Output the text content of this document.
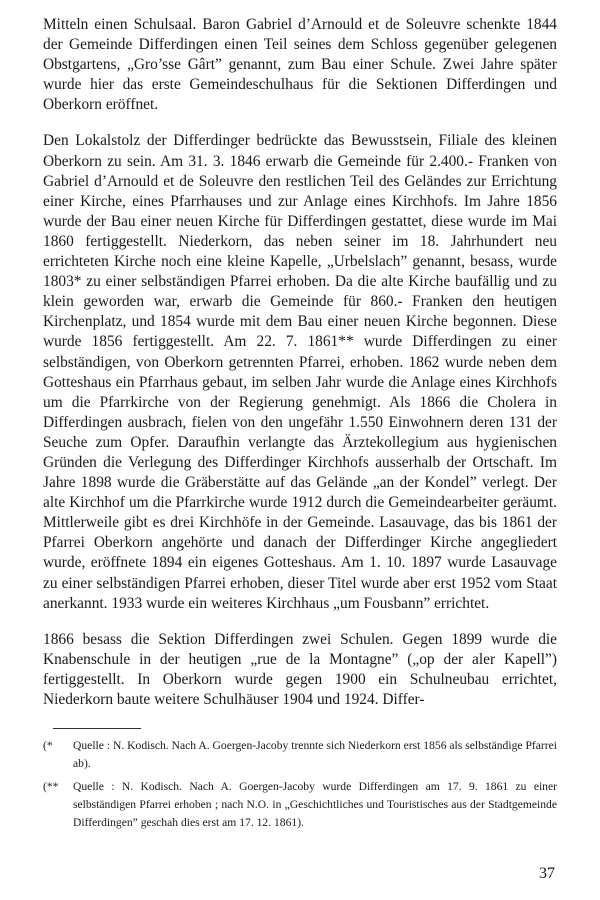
Mitteln einen Schulsaal. Baron Gabriel d’Arnould et de Soleuvre schenkte 1844 der Gemeinde Differdingen einen Teil seines dem Schloss gegenüber gelegenen Obstgartens, „Gro’sse Gârt” genannt, zum Bau einer Schule. Zwei Jahre später wurde hier das erste Gemeindeschulhaus für die Sektionen Differdingen und Oberkorn eröffnet.

Den Lokalstolz der Differdinger bedrückte das Bewusstsein, Filiale des kleinen Oberkorn zu sein. Am 31. 3. 1846 erwarb die Gemeinde für 2.400.- Franken von Gabriel d’Arnould et de Soleuvre den restlichen Teil des Geländes zur Errichtung einer Kirche, eines Pfarrhauses und zur Anlage eines Kirchhofs. Im Jahre 1856 wurde der Bau einer neuen Kirche für Differdingen gestattet, diese wurde im Mai 1860 fertiggestellt. Niederkorn, das neben seiner im 18. Jahrhundert neu errichteten Kirche noch eine kleine Kapelle, „Urbelslach” genannt, besass, wurde 1803* zu einer selbständigen Pfarrei erhoben. Da die alte Kirche baufällig und zu klein geworden war, erwarb die Gemeinde für 860.- Franken den heutigen Kirchenplatz, und 1854 wurde mit dem Bau einer neuen Kirche begonnen. Diese wurde 1856 fertiggestellt. Am 22. 7. 1861** wurde Differdingen zu einer selbständigen, von Oberkorn getrennten Pfarrei, erhoben. 1862 wurde neben dem Gotteshaus ein Pfarrhaus gebaut, im selben Jahr wurde die Anlage eines Kirchhofs um die Pfarrkirche von der Regierung genehmigt. Als 1866 die Cholera in Differdingen ausbrach, fielen von den ungefähr 1.550 Einwohnern deren 131 der Seuche zum Opfer. Daraufhin verlangte das Ärztekollegium aus hygienischen Gründen die Verlegung des Differdinger Kirchhofs ausserhalb der Ortschaft. Im Jahre 1898 wurde die Gräberstätte auf das Gelände „an der Kondel” verlegt. Der alte Kirchhof um die Pfarrkirche wurde 1912 durch die Gemeindearbeiter geräumt. Mittlerweile gibt es drei Kirchhöfe in der Gemeinde. Lasauvage, das bis 1861 der Pfarrei Oberkorn angehörte und danach der Differdinger Kirche angegliedert wurde, eröffnete 1894 ein eigenes Gotteshaus. Am 1. 10. 1897 wurde Lasauvage zu einer selbständigen Pfarrei erhoben, dieser Titel wurde aber erst 1952 vom Staat anerkannt. 1933 wurde ein weiteres Kirchhaus „um Fousbann” errichtet.

1866 besass die Sektion Differdingen zwei Schulen. Gegen 1899 wurde die Knabenschule in der heutigen „rue de la Montagne” („op der aler Kapell”) fertiggestellt. In Oberkorn wurde gegen 1900 ein Schulneubau errichtet, Niederkorn baute weitere Schulhäuser 1904 und 1924. Differ-

(* Quelle : N. Kodisch. Nach A. Goergen-Jacoby trennte sich Niederkorn erst 1856 als selbständige Pfarrei ab).
(** Quelle : N. Kodisch. Nach A. Goergen-Jacoby wurde Differdingen am 17. 9. 1861 zu einer selbständigen Pfarrei erhoben ; nach N.O. in „Geschichtliches und Touristisches aus der Stadtgemeinde Differdingen” geschah dies erst am 17. 12. 1861).
37
